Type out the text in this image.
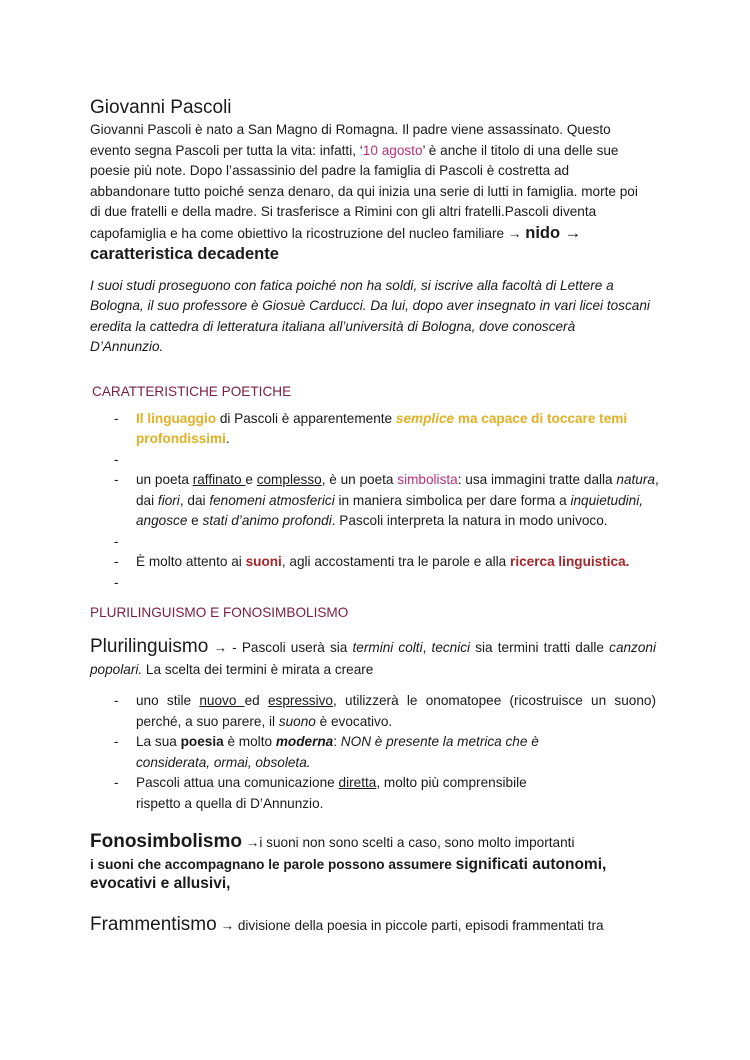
Giovanni Pascoli

Giovanni Pascoli è nato a San Magno di Romagna. Il padre viene assassinato. Questo evento segna Pascoli per tutta la vita: infatti, ‘10 agosto’ è anche il titolo di una delle sue poesie più note. Dopo l’assassinio del padre la famiglia di Pascoli è costretta ad abbandonare tutto poiché senza denaro, da qui inizia una serie di lutti in famiglia. morte poi di due fratelli e della madre. Si trasferisce a Rimini con gli altri fratelli.Pascoli diventa capofamiglia e ha come obiettivo la ricostruzione del nucleo familiare → nido → caratteristica decadente

I suoi studi proseguono con fatica poiché non ha soldi, si iscrive alla facoltà di Lettere a Bologna, il suo professore è Giosuè Carducci. Da lui, dopo aver insegnato in vari licei toscani eredita la cattedra di letteratura italiana all’università di Bologna, dove conoscerà D’Annunzio.

CARATTERISTICHE POETICHE

- Il linguaggio di Pascoli è apparentemente semplice ma capace di toccare temi profondissimi.
-
- un poeta raffinato e complesso, è un poeta simbolista: usa immagini tratte dalla natura, dai fiori, dai fenomeni atmosferici in maniera simbolica per dare forma a inquietudini, angosce e stati d’animo profondi. Pascoli interpreta la natura in modo univoco.
-
- È molto attento ai suoni, agli accostamenti tra le parole e alla ricerca linguistica.
-

PLURILINGUISMO E FONOSIMBOLISMO

Plurilinguismo → - Pascoli userà sia termini colti, tecnici sia termini tratti dalle canzoni popolari. La scelta dei termini è mirata a creare

- uno stile nuovo ed espressivo, utilizzerà le onomatopee (ricostruisce un suono) perché, a suo parere, il suono è evocativo.
- La sua poesia è molto moderna: NON è presente la metrica che è considerata, ormai, obsoleta.
- Pascoli attua una comunicazione diretta, molto più comprensibile rispetto a quella di D’Annunzio.

Fonosimbolismo →i suoni non sono scelti a caso, sono molto importanti

i suoni che accompagnano le parole possono assumere significati autonomi, evocativi e allusivi,

Frammentismo → divisione della poesia in piccole parti, episodi frammentati tra
